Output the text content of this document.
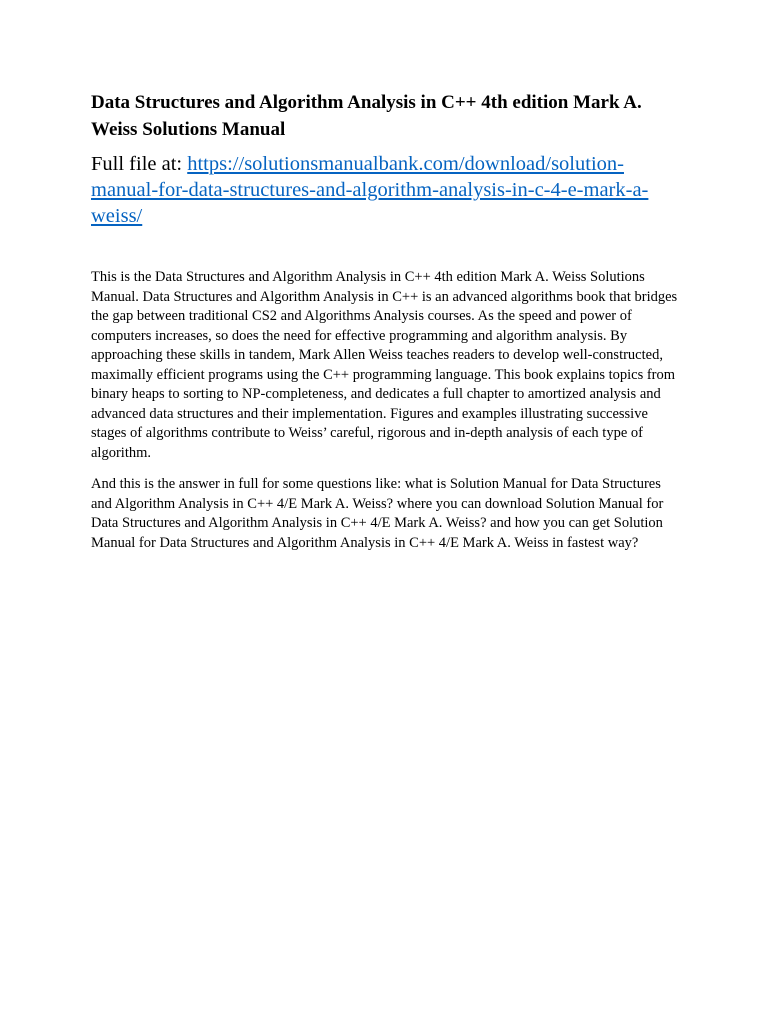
Data Structures and Algorithm Analysis in C++ 4th edition Mark A. Weiss Solutions Manual

Full file at: https://solutionsmanualbank.com/download/solution-manual-for-data-structures-and-algorithm-analysis-in-c-4-e-mark-a-weiss/

This is the Data Structures and Algorithm Analysis in C++ 4th edition Mark A. Weiss Solutions Manual. Data Structures and Algorithm Analysis in C++ is an advanced algorithms book that bridges the gap between traditional CS2 and Algorithms Analysis courses. As the speed and power of computers increases, so does the need for effective programming and algorithm analysis. By approaching these skills in tandem, Mark Allen Weiss teaches readers to develop well-constructed, maximally efficient programs using the C++ programming language. This book explains topics from binary heaps to sorting to NP-completeness, and dedicates a full chapter to amortized analysis and advanced data structures and their implementation. Figures and examples illustrating successive stages of algorithms contribute to Weiss’ careful, rigorous and in-depth analysis of each type of algorithm.

And this is the answer in full for some questions like: what is Solution Manual for Data Structures and Algorithm Analysis in C++ 4/E Mark A. Weiss? where you can download Solution Manual for Data Structures and Algorithm Analysis in C++ 4/E Mark A. Weiss? and how you can get Solution Manual for Data Structures and Algorithm Analysis in C++ 4/E Mark A. Weiss in fastest way?
